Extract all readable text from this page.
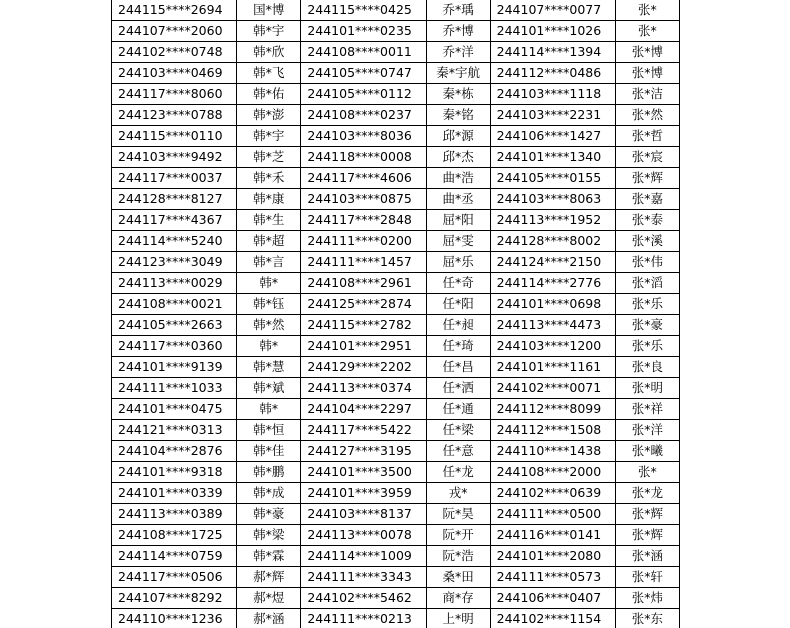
244115****2694	国*博	244115****0425	乔*瑀	244107****0077	张*
244107****2060	韩*宇	244101****0235	乔*博	244101****1026	张*
244102****0748	韩*欣	244108****0011	乔*洋	244114****1394	张*博
244103****0469	韩*飞	244105****0747	秦*宇航	244112****0486	张*博
244117****8060	韩*佑	244105****0112	秦*栋	244103****1118	张*洁
244123****0788	韩*澎	244108****0237	秦*铭	244103****2231	张*然
244115****0110	韩*宇	244103****8036	邱*源	244106****1427	张*哲
244103****9492	韩*芝	244118****0008	邱*杰	244101****1340	张*宸
244117****0037	韩*禾	244117****4606	曲*浩	244105****0155	张*辉
244128****8127	韩*康	244103****0875	曲*丞	244103****8063	张*嘉
244117****4367	韩*生	244117****2848	屈*阳	244113****1952	张*泰
244114****5240	韩*超	244111****0200	屈*雯	244128****8002	张*溪
244123****3049	韩*言	244111****1457	屈*乐	244124****2150	张*伟
244113****0029	韩*	244108****2961	任*奇	244114****2776	张*滔
244108****0021	韩*钰	244125****2874	任*阳	244101****0698	张*乐
244105****2663	韩*然	244115****2782	任*昶	244113****4473	张*豪
244117****0360	韩*	244101****2951	任*琦	244103****1200	张*乐
244101****9139	韩*慧	244129****2202	任*昌	244101****1161	张*良
244111****1033	韩*斌	244113****0374	任*洒	244102****0071	张*明
244101****0475	韩*	244104****2297	任*通	244112****8099	张*祥
244121****0313	韩*恒	244117****5422	任*梁	244112****1508	张*洋
244104****2876	韩*佳	244127****3195	任*意	244110****1438	张*曦
244101****9318	韩*鹏	244101****3500	任*龙	244108****2000	张*
244101****0339	韩*成	244101****3959	戎*	244102****0639	张*龙
244113****0389	韩*豪	244103****8137	阮*昊	244111****0500	张*辉
244108****1725	韩*梁	244113****0078	阮*开	244116****0141	张*辉
244114****0759	韩*霖	244114****1009	阮*浩	244101****2080	张*涵
244117****0506	郝*辉	244111****3343	桑*田	244111****0573	张*轩
244107****8292	郝*煜	244102****5462	商*存	244106****0407	张*炜
244110****1236	郝*涵	244111****0213	上*明	244102****1154	张*东
